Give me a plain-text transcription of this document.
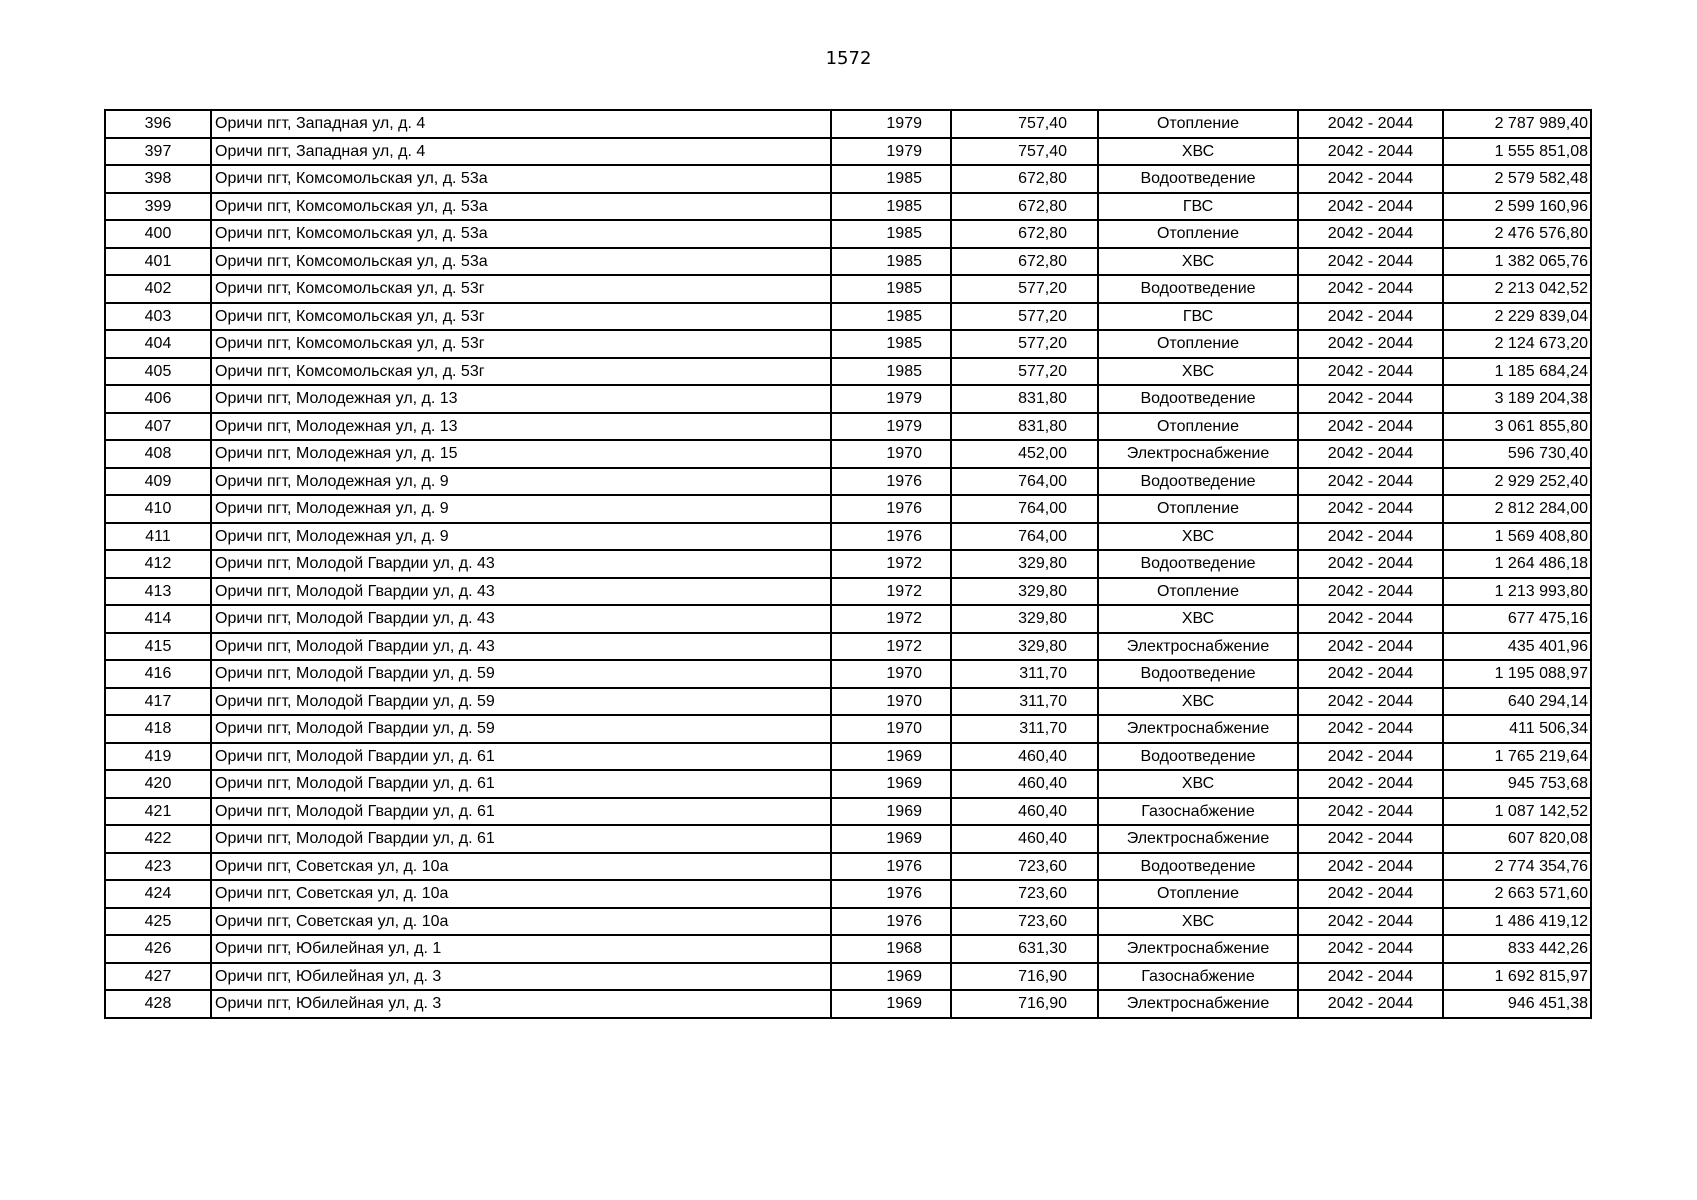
1572
396	Оричи пгт, Западная ул, д. 4	1979	757,40	Отопление	2042 - 2044	2 787 989,40
397	Оричи пгт, Западная ул, д. 4	1979	757,40	ХВС	2042 - 2044	1 555 851,08
398	Оричи пгт, Комсомольская ул, д. 53а	1985	672,80	Водоотведение	2042 - 2044	2 579 582,48
399	Оричи пгт, Комсомольская ул, д. 53а	1985	672,80	ГВС	2042 - 2044	2 599 160,96
400	Оричи пгт, Комсомольская ул, д. 53а	1985	672,80	Отопление	2042 - 2044	2 476 576,80
401	Оричи пгт, Комсомольская ул, д. 53а	1985	672,80	ХВС	2042 - 2044	1 382 065,76
402	Оричи пгт, Комсомольская ул, д. 53г	1985	577,20	Водоотведение	2042 - 2044	2 213 042,52
403	Оричи пгт, Комсомольская ул, д. 53г	1985	577,20	ГВС	2042 - 2044	2 229 839,04
404	Оричи пгт, Комсомольская ул, д. 53г	1985	577,20	Отопление	2042 - 2044	2 124 673,20
405	Оричи пгт, Комсомольская ул, д. 53г	1985	577,20	ХВС	2042 - 2044	1 185 684,24
406	Оричи пгт, Молодежная ул, д. 13	1979	831,80	Водоотведение	2042 - 2044	3 189 204,38
407	Оричи пгт, Молодежная ул, д. 13	1979	831,80	Отопление	2042 - 2044	3 061 855,80
408	Оричи пгт, Молодежная ул, д. 15	1970	452,00	Электроснабжение	2042 - 2044	596 730,40
409	Оричи пгт, Молодежная ул, д. 9	1976	764,00	Водоотведение	2042 - 2044	2 929 252,40
410	Оричи пгт, Молодежная ул, д. 9	1976	764,00	Отопление	2042 - 2044	2 812 284,00
411	Оричи пгт, Молодежная ул, д. 9	1976	764,00	ХВС	2042 - 2044	1 569 408,80
412	Оричи пгт, Молодой Гвардии ул, д. 43	1972	329,80	Водоотведение	2042 - 2044	1 264 486,18
413	Оричи пгт, Молодой Гвардии ул, д. 43	1972	329,80	Отопление	2042 - 2044	1 213 993,80
414	Оричи пгт, Молодой Гвардии ул, д. 43	1972	329,80	ХВС	2042 - 2044	677 475,16
415	Оричи пгт, Молодой Гвардии ул, д. 43	1972	329,80	Электроснабжение	2042 - 2044	435 401,96
416	Оричи пгт, Молодой Гвардии ул, д. 59	1970	311,70	Водоотведение	2042 - 2044	1 195 088,97
417	Оричи пгт, Молодой Гвардии ул, д. 59	1970	311,70	ХВС	2042 - 2044	640 294,14
418	Оричи пгт, Молодой Гвардии ул, д. 59	1970	311,70	Электроснабжение	2042 - 2044	411 506,34
419	Оричи пгт, Молодой Гвардии ул, д. 61	1969	460,40	Водоотведение	2042 - 2044	1 765 219,64
420	Оричи пгт, Молодой Гвардии ул, д. 61	1969	460,40	ХВС	2042 - 2044	945 753,68
421	Оричи пгт, Молодой Гвардии ул, д. 61	1969	460,40	Газоснабжение	2042 - 2044	1 087 142,52
422	Оричи пгт, Молодой Гвардии ул, д. 61	1969	460,40	Электроснабжение	2042 - 2044	607 820,08
423	Оричи пгт, Советская ул, д. 10а	1976	723,60	Водоотведение	2042 - 2044	2 774 354,76
424	Оричи пгт, Советская ул, д. 10а	1976	723,60	Отопление	2042 - 2044	2 663 571,60
425	Оричи пгт, Советская ул, д. 10а	1976	723,60	ХВС	2042 - 2044	1 486 419,12
426	Оричи пгт, Юбилейная ул, д. 1	1968	631,30	Электроснабжение	2042 - 2044	833 442,26
427	Оричи пгт, Юбилейная ул, д. 3	1969	716,90	Газоснабжение	2042 - 2044	1 692 815,97
428	Оричи пгт, Юбилейная ул, д. 3	1969	716,90	Электроснабжение	2042 - 2044	946 451,38
